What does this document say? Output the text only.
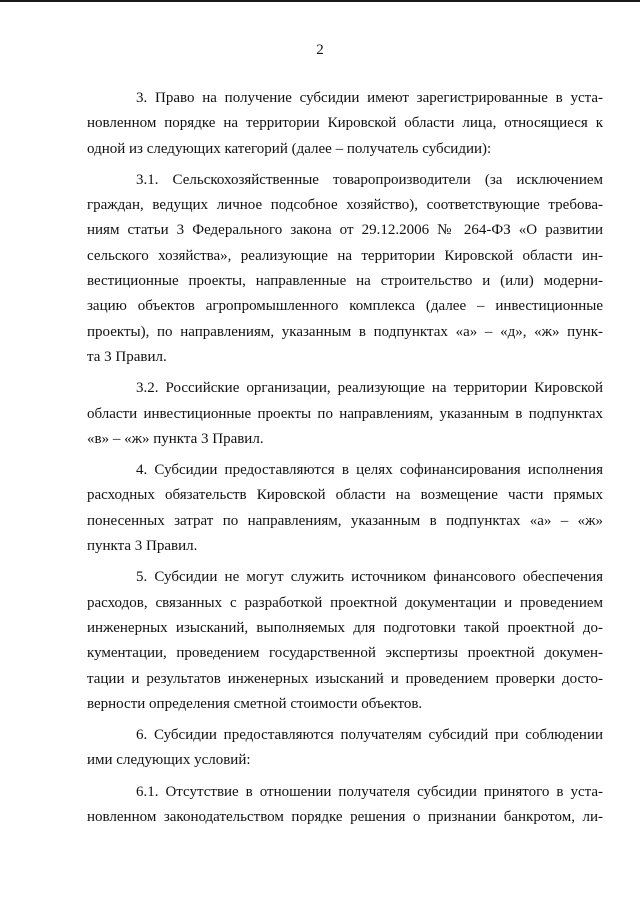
2
3. Право на получение субсидии имеют зарегистрированные в уста-
новленном порядке на территории Кировской области лица, относящиеся к
одной из следующих категорий (далее – получатель субсидии):
3.1. Сельскохозяйственные товаропроизводители (за исключением
граждан, ведущих личное подсобное хозяйство), соответствующие требова-
ниям статьи 3 Федерального закона от 29.12.2006 № 264-ФЗ «О развитии
сельского хозяйства», реализующие на территории Кировской области ин-
вестиционные проекты, направленные на строительство и (или) модерни-
зацию объектов агропромышленного комплекса (далее – инвестиционные
проекты), по направлениям, указанным в подпунктах «а» – «д», «ж» пунк-
та 3 Правил.
3.2. Российские организации, реализующие на территории Кировской
области инвестиционные проекты по направлениям, указанным в подпунктах
«в» – «ж» пункта 3 Правил.
4. Субсидии предоставляются в целях софинансирования исполнения
расходных обязательств Кировской области на возмещение части прямых
понесенных затрат по направлениям, указанным в подпунктах «а» – «ж»
пункта 3 Правил.
5. Субсидии не могут служить источником финансового обеспечения
расходов, связанных с разработкой проектной документации и проведением
инженерных изысканий, выполняемых для подготовки такой проектной до-
кументации, проведением государственной экспертизы проектной докумен-
тации и результатов инженерных изысканий и проведением проверки досто-
верности определения сметной стоимости объектов.
6. Субсидии предоставляются получателям субсидий при соблюдении
ими следующих условий:
6.1. Отсутствие в отношении получателя субсидии принятого в уста-
новленном законодательством порядке решения о признании банкротом, ли-
